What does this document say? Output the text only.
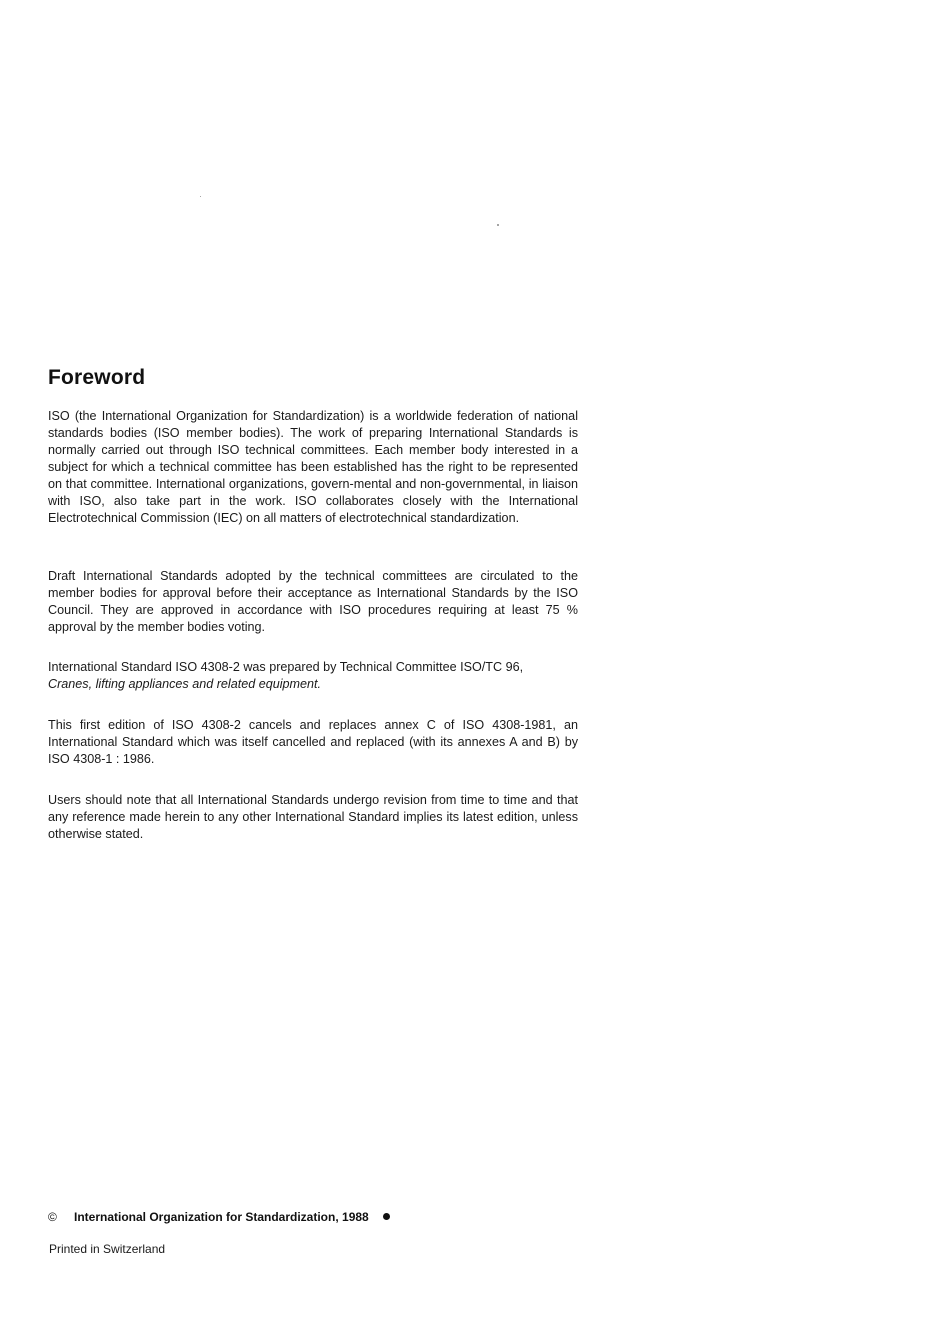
Foreword

ISO (the International Organization for Standardization) is a worldwide federation of national standards bodies (ISO member bodies). The work of preparing International Standards is normally carried out through ISO technical committees. Each member body interested in a subject for which a technical committee has been established has the right to be represented on that committee. International organizations, govern-mental and non-governmental, in liaison with ISO, also take part in the work. ISO collaborates closely with the International Electrotechnical Commission (IEC) on all matters of electrotechnical standardization.

Draft International Standards adopted by the technical committees are circulated to the member bodies for approval before their acceptance as International Standards by the ISO Council. They are approved in accordance with ISO procedures requiring at least 75 % approval by the member bodies voting.

International Standard ISO 4308-2 was prepared by Technical Committee ISO/TC 96,
Cranes, lifting appliances and related equipment.

This first edition of ISO 4308-2 cancels and replaces annex C of ISO 4308-1981, an International Standard which was itself cancelled and replaced (with its annexes A and B) by ISO 4308-1 : 1986.

Users should note that all International Standards undergo revision from time to time and that any reference made herein to any other International Standard implies its latest edition, unless otherwise stated.

© International Organization for Standardization, 1988
Printed in Switzerland
